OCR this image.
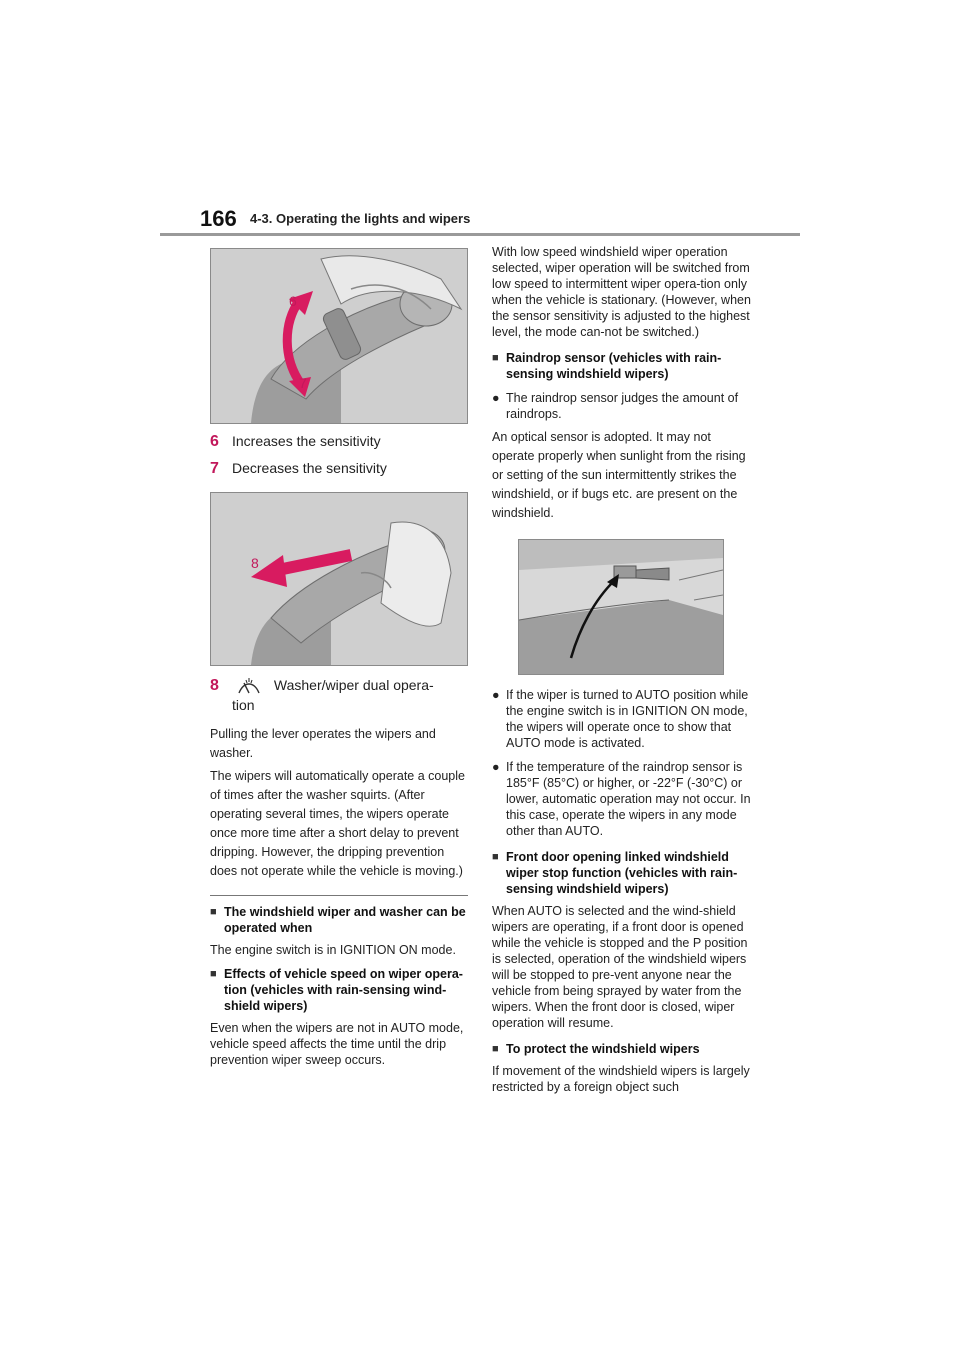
166 4-3. Operating the lights and wipers
6
7
6 Increases the sensitivity
7 Decreases the sensitivity
8
8	Washer/wiper dual opera-
tion

Pulling the lever operates the wipers and washer.

The wipers will automatically operate a couple of times after the washer squirts. (After operating several times, the wipers operate once more time after a short delay to prevent dripping. However, the dripping prevention does not operate while the vehicle is moving.)

■ The windshield wiper and washer can be operated when

The engine switch is in IGNITION ON mode.

■ Effects of vehicle speed on wiper opera-tion (vehicles with rain-sensing wind-shield wipers)

Even when the wipers are not in AUTO mode, vehicle speed affects the time until the drip prevention wiper sweep occurs.

With low speed windshield wiper operation selected, wiper operation will be switched from low speed to intermittent wiper opera-tion only when the vehicle is stationary. (However, when the sensor sensitivity is adjusted to the highest level, the mode can-not be switched.)

■ Raindrop sensor (vehicles with rain-sensing windshield wipers)
● The raindrop sensor judges the amount of raindrops.

An optical sensor is adopted. It may not operate properly when sunlight from the rising or setting of the sun intermittently strikes the windshield, or if bugs etc. are present on the windshield.

● If the wiper is turned to AUTO position while the engine switch is in IGNITION ON mode, the wipers will operate once to show that AUTO mode is activated.
● If the temperature of the raindrop sensor is 185°F (85°C) or higher, or -22°F (-30°C) or lower, automatic operation may not occur. In this case, operate the wipers in any mode other than AUTO.
■ Front door opening linked windshield wiper stop function (vehicles with rain-sensing windshield wipers)

When AUTO is selected and the wind-shield wipers are operating, if a front door is opened while the vehicle is stopped and the P position is selected, operation of the windshield wipers will be stopped to pre-vent anyone near the vehicle from being sprayed by water from the wipers. When the front door is closed, wiper operation will resume.

■ To protect the windshield wipers

If movement of the windshield wipers is largely restricted by a foreign object such
